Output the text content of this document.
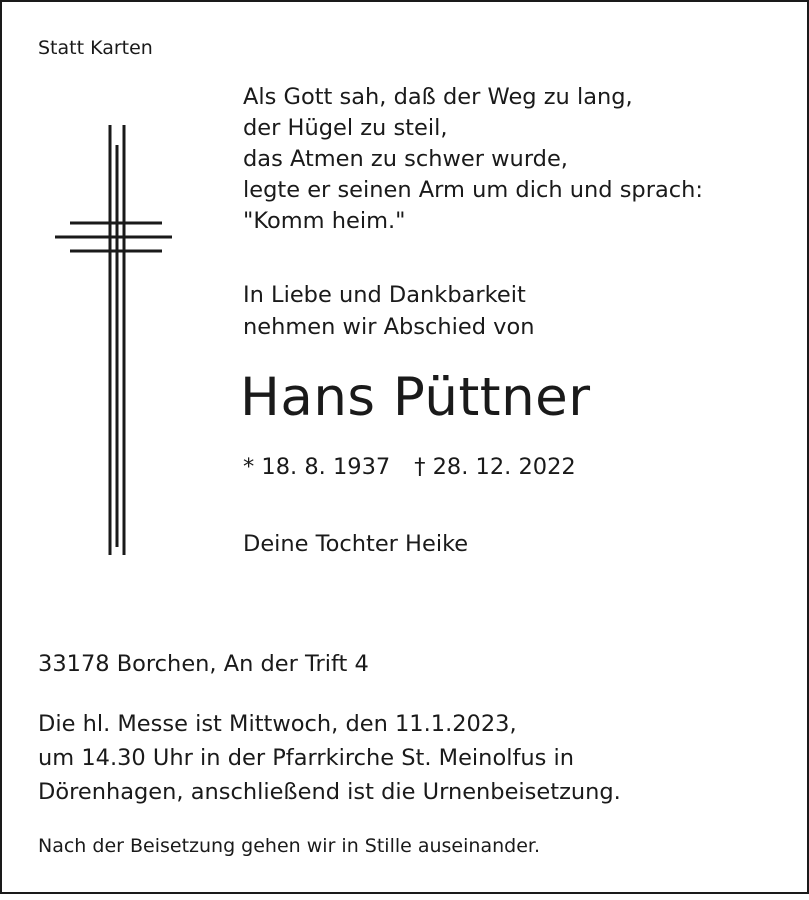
Statt Karten
Als Gott sah, daß der Weg zu lang,
der Hügel zu steil,
das Atmen zu schwer wurde,
legte er seinen Arm um dich und sprach:
"Komm heim."
In Liebe und Dankbarkeit
nehmen wir Abschied von
Hans Püttner
* 18. 8. 1937 † 28. 12. 2022
Deine Tochter Heike
33178 Borchen, An der Trift 4
Die hl. Messe ist Mittwoch, den 11.1.2023,
um 14.30 Uhr in der Pfarrkirche St. Meinolfus in
Dörenhagen, anschließend ist die Urnenbeisetzung.
Nach der Beisetzung gehen wir in Stille auseinander.
